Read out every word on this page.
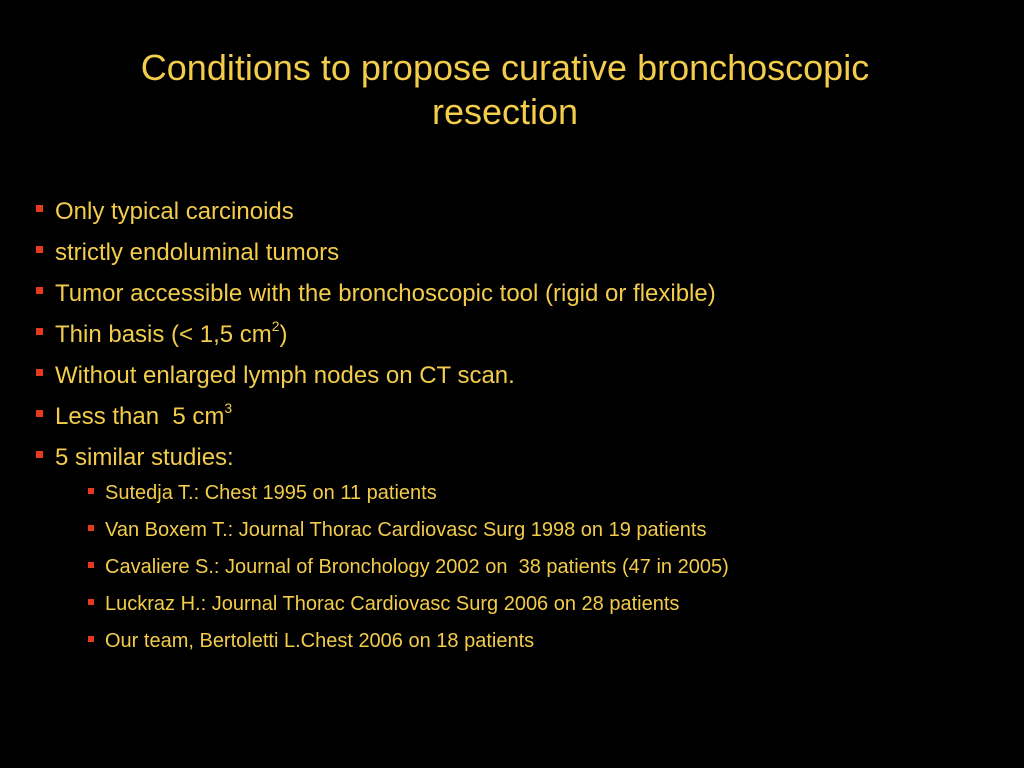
Conditions to propose curative bronchoscopic
resection
Only typical carcinoids
strictly endoluminal tumors
Tumor accessible with the bronchoscopic tool (rigid or flexible)
Thin basis (< 1,5 $cm^2$)
Without enlarged lymph nodes on CT scan.
Less than  5 $cm^3$
5 similar studies:
Sutedja T.: Chest 1995 on 11 patients
Van Boxem T.: Journal Thorac Cardiovasc Surg 1998 on 19 patients
Cavaliere S.: Journal of Bronchology 2002 on  38 patients (47 in 2005)
Luckraz H.: Journal Thorac Cardiovasc Surg 2006 on 28 patients
Our team, Bertoletti L.Chest 2006 on 18 patients
